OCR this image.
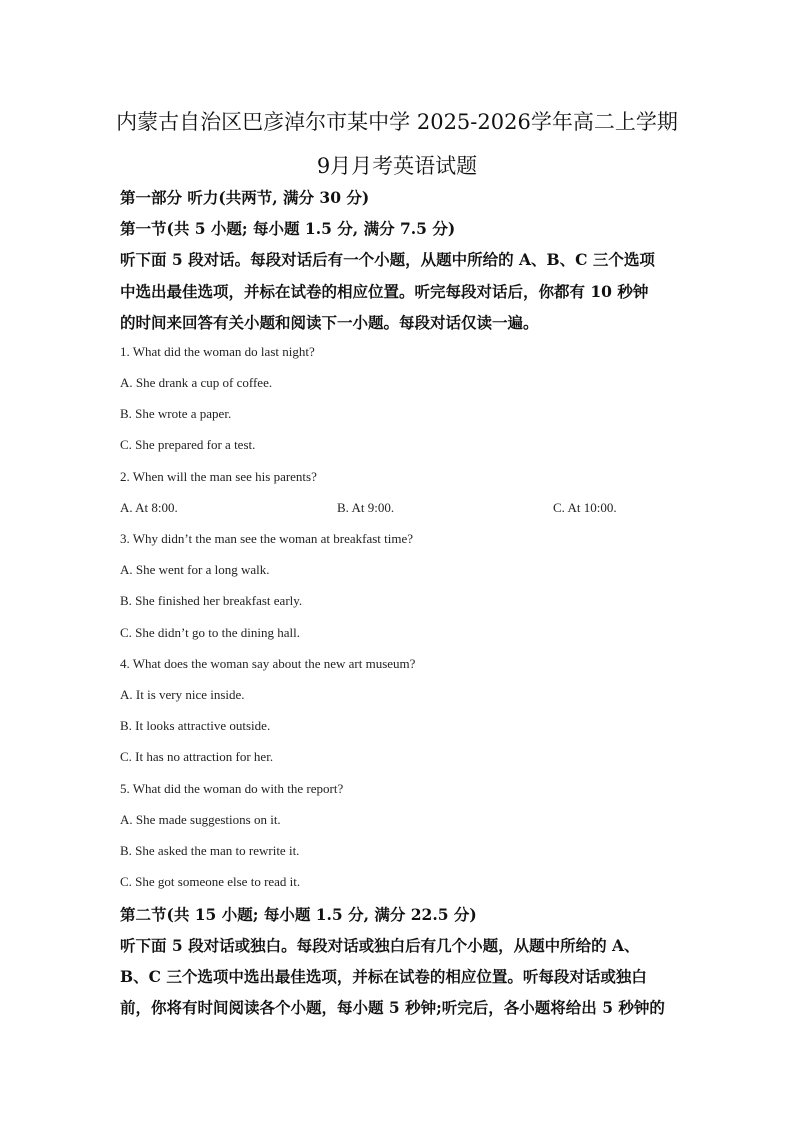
内蒙古自治区巴彦淖尔市某中学 2025-2026学年高二上学期
9月月考英语试题
第一部分 听力(共两节, 满分 30 分)
第一节(共 5 小题; 每小题 1.5 分, 满分 7.5 分)
听下面 5 段对话。每段对话后有一个小题，从题中所给的 A、B、C 三个选项
中选出最佳选项，并标在试卷的相应位置。听完每段对话后，你都有 10 秒钟
的时间来回答有关小题和阅读下一小题。每段对话仅读一遍。
1. What did the woman do last night?
A. She drank a cup of coffee.
B. She wrote a paper.
C. She prepared for a test.
2. When will the man see his parents?
A. At 8:00.	B. At 9:00.	C. At 10:00.
3. Why didn’t the man see the woman at breakfast time?
A. She went for a long walk.
B. She finished her breakfast early.
C. She didn’t go to the dining hall.
4. What does the woman say about the new art museum?
A. It is very nice inside.
B. It looks attractive outside.
C. It has no attraction for her.
5. What did the woman do with the report?
A. She made suggestions on it.
B. She asked the man to rewrite it.
C. She got someone else to read it.
第二节(共 15 小题; 每小题 1.5 分, 满分 22.5 分)
听下面 5 段对话或独白。每段对话或独白后有几个小题，从题中所给的 A、
B、C 三个选项中选出最佳选项，并标在试卷的相应位置。听每段对话或独白
前，你将有时间阅读各个小题，每小题 5 秒钟;听完后，各小题将给出 5 秒钟的
